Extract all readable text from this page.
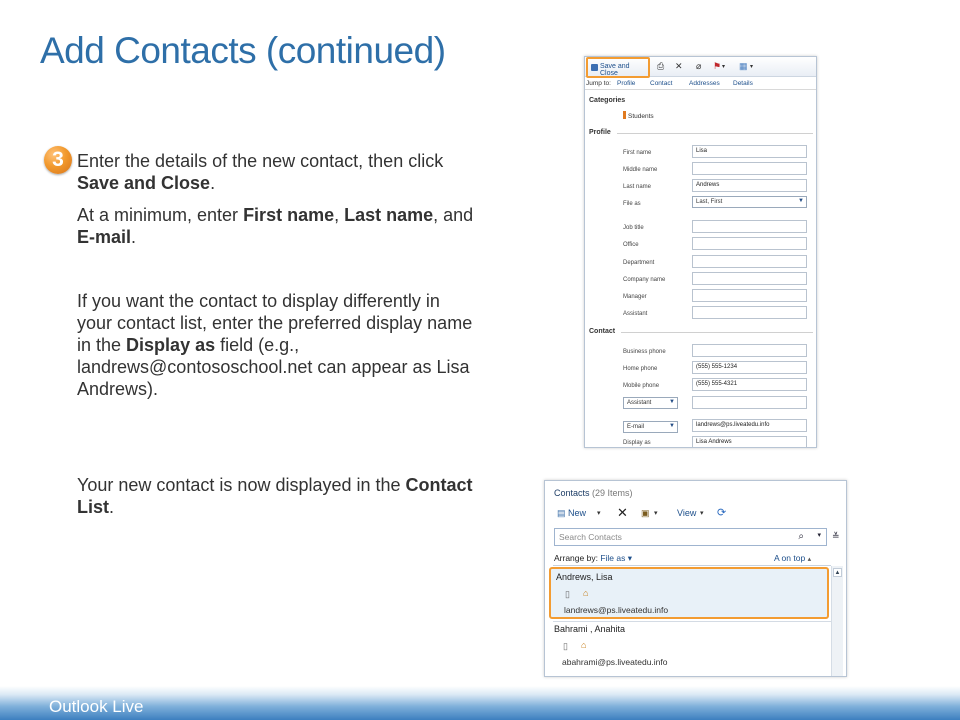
Add Contacts (continued)
3 Enter the details of the new contact, then click Save and Close.
At a minimum, enter First name, Last name, and E-mail.
If you want the contact to display differently in your contact list, enter the preferred display name in the Display as field (e.g., landrews@contososchool.net can appear as Lisa Andrews).
Your new contact is now displayed in the Contact List.
Save and Close
⎙ ✕ ⌀ ⚑ ▾ ▦ ▾
Jump to: Profile Contact	Addresses Details
Categories
Students
Profile
First name	Lisa
Middle name
Last name	Andrews
File as	Last, First	▼
Job title
Office
Department
Company name
Manager
Assistant
Contact
Business phone
Home phone	(555) 555-1234
Mobile phone	(555) 555-4321
Assistant	▼
E-mail	▼	landrews@ps.liveatedu.info
Display as	Lisa Andrews
Contacts (29 Items)
▤ New ▾ ✕ ▣ ▾ View ▾ ⟳
Search Contacts	⌕ ▾ ≚
Arrange by: File as ▾	A on top ▴
Andrews, Lisa
▯ ⌂
landrews@ps.liveatedu.info
Bahrami , Anahita
▯ ⌂
abahrami@ps.liveatedu.info
▲
Outlook Live
